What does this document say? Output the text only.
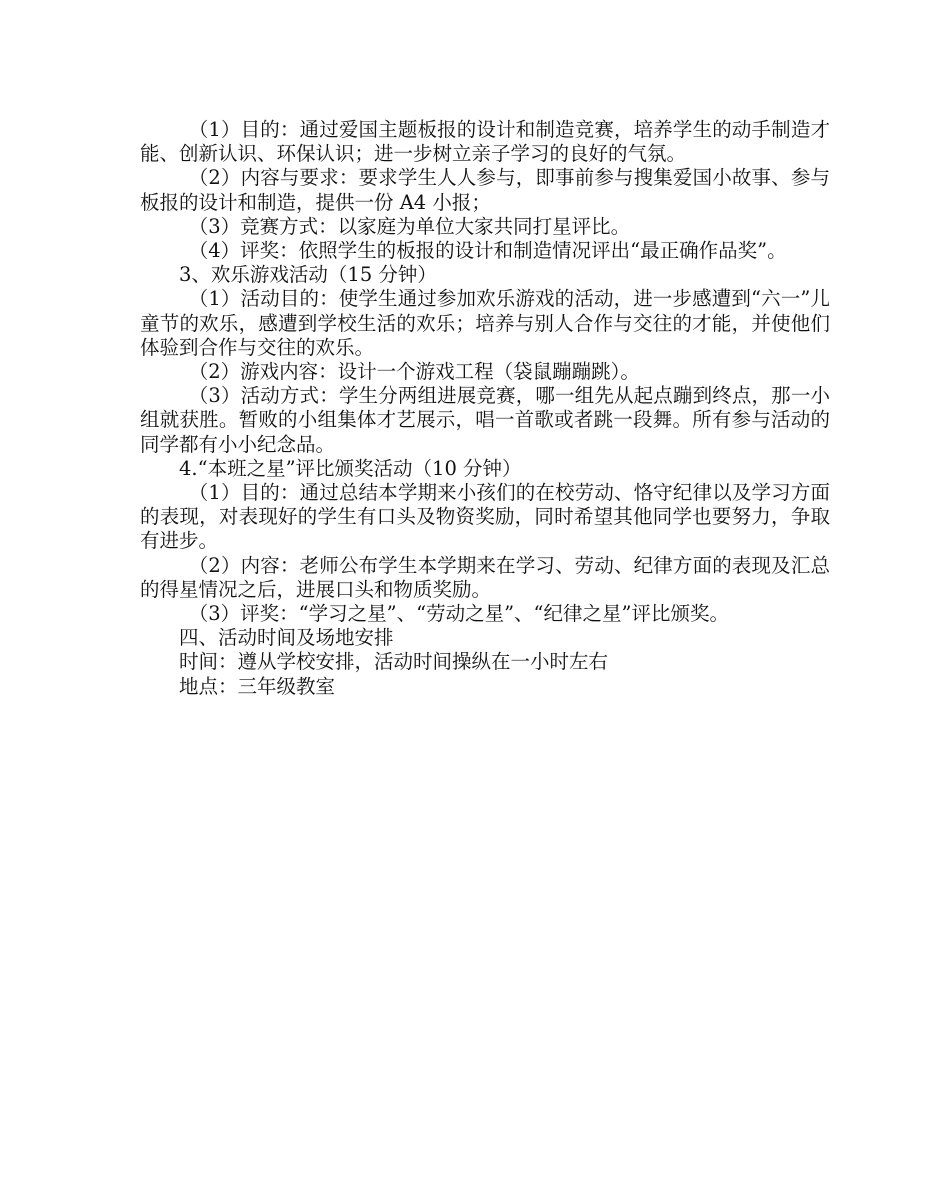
（1）目的：通过爱国主题板报的设计和制造竞赛，培养学生的动手制造才能、创新认识、环保认识；进一步树立亲子学习的良好的气氛。

（2）内容与要求：要求学生人人参与，即事前参与搜集爱国小故事、参与板报的设计和制造，提供一份 A4 小报；

（3）竞赛方式：以家庭为单位大家共同打星评比。

（4）评奖：依照学生的板报的设计和制造情况评出“最正确作品奖”。

3、欢乐游戏活动（15 分钟）

（1）活动目的：使学生通过参加欢乐游戏的活动，进一步感遭到“六一”儿童节的欢乐，感遭到学校生活的欢乐；培养与别人合作与交往的才能，并使他们体验到合作与交往的欢乐。

（2）游戏内容：设计一个游戏工程（袋鼠蹦蹦跳）。

（3）活动方式：学生分两组进展竞赛，哪一组先从起点蹦到终点，那一小组就获胜。暂败的小组集体才艺展示，唱一首歌或者跳一段舞。所有参与活动的同学都有小小纪念品。

4.“本班之星”评比颁奖活动（10 分钟）

（1）目的：通过总结本学期来小孩们的在校劳动、恪守纪律以及学习方面的表现，对表现好的学生有口头及物资奖励，同时希望其他同学也要努力，争取有进步。

（2）内容：老师公布学生本学期来在学习、劳动、纪律方面的表现及汇总的得星情况之后，进展口头和物质奖励。

（3）评奖：“学习之星”、“劳动之星”、“纪律之星”评比颁奖。

四、活动时间及场地安排

时间：遵从学校安排，活动时间操纵在一小时左右

地点：三年级教室
